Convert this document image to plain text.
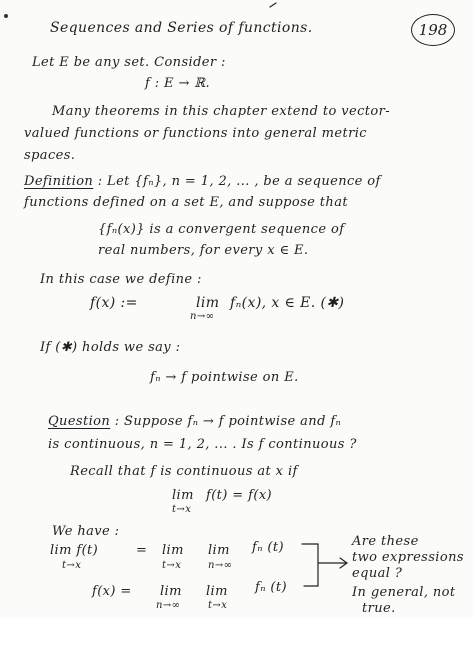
Sequences and Series of functions.	198
Let E be any set. Consider :
f : E → ℝ.
Many theorems in this chapter extend to vector-
valued functions or functions into general metric
spaces.
Definition : Let {fₙ}, n = 1, 2, ... , be a sequence of
functions defined on a set E, and suppose that
{fₙ(x)} is a convergent sequence of
real numbers, for every x ∈ E.
In this case we define :
f(x) :=	lim
n→∞
fₙ(x), x ∈ E. (✱)
If (✱) holds we say :
fₙ → f pointwise on E.
Question : Suppose fₙ → f pointwise and fₙ
is continuous, n = 1, 2, ... . Is f continuous ?
Recall that f is continuous at x if
lim
t→x
f(t) = f(x)
We have :
lim f(t)
t→x
= lim
t→x
lim
n→∞
fₙ (t)
f(x) = lim
n→∞
lim
t→x
fₙ (t)
Are these
two expressions
equal ?
In general, not
true.
